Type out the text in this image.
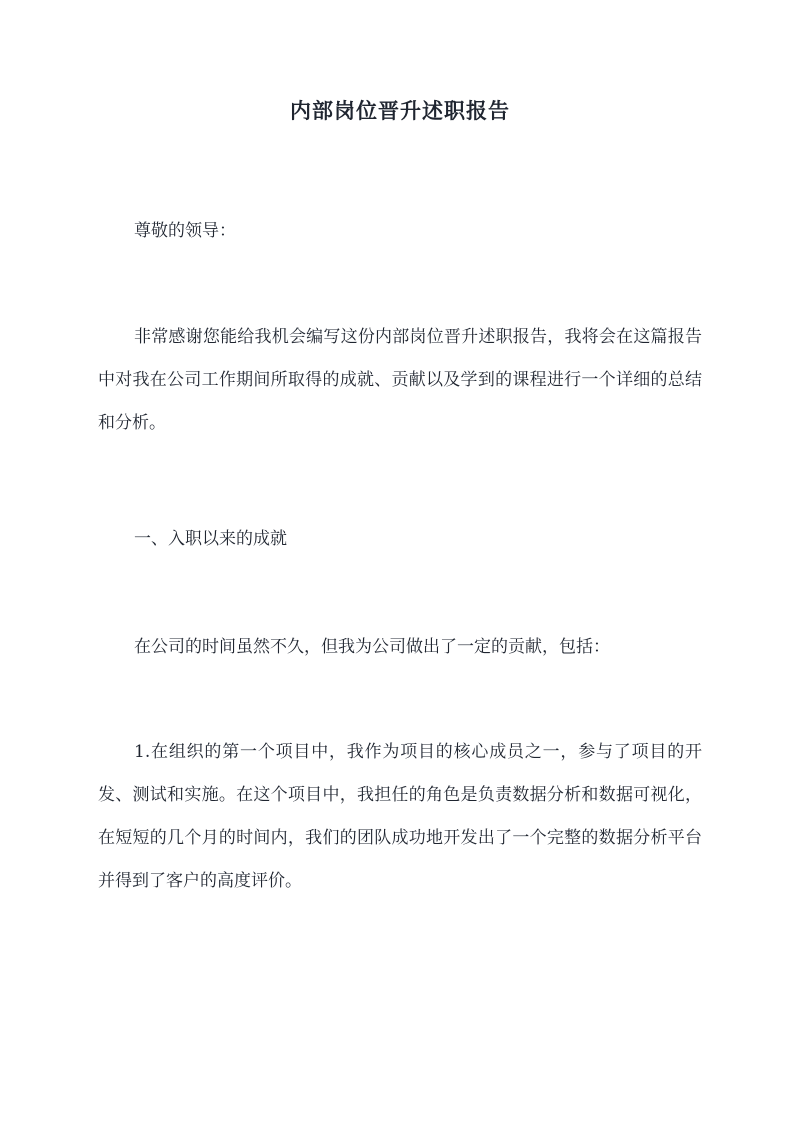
内部岗位晋升述职报告
尊敬的领导：
非常感谢您能给我机会编写这份内部岗位晋升述职报告，我将会在这篇报告中对我在公司工作期间所取得的成就、贡献以及学到的课程进行一个详细的总结和分析。
一、入职以来的成就
在公司的时间虽然不久，但我为公司做出了一定的贡献，包括：
1.在组织的第一个项目中，我作为项目的核心成员之一，参与了项目的开发、测试和实施。在这个项目中，我担任的角色是负责数据分析和数据可视化，在短短的几个月的时间内，我们的团队成功地开发出了一个完整的数据分析平台并得到了客户的高度评价。
